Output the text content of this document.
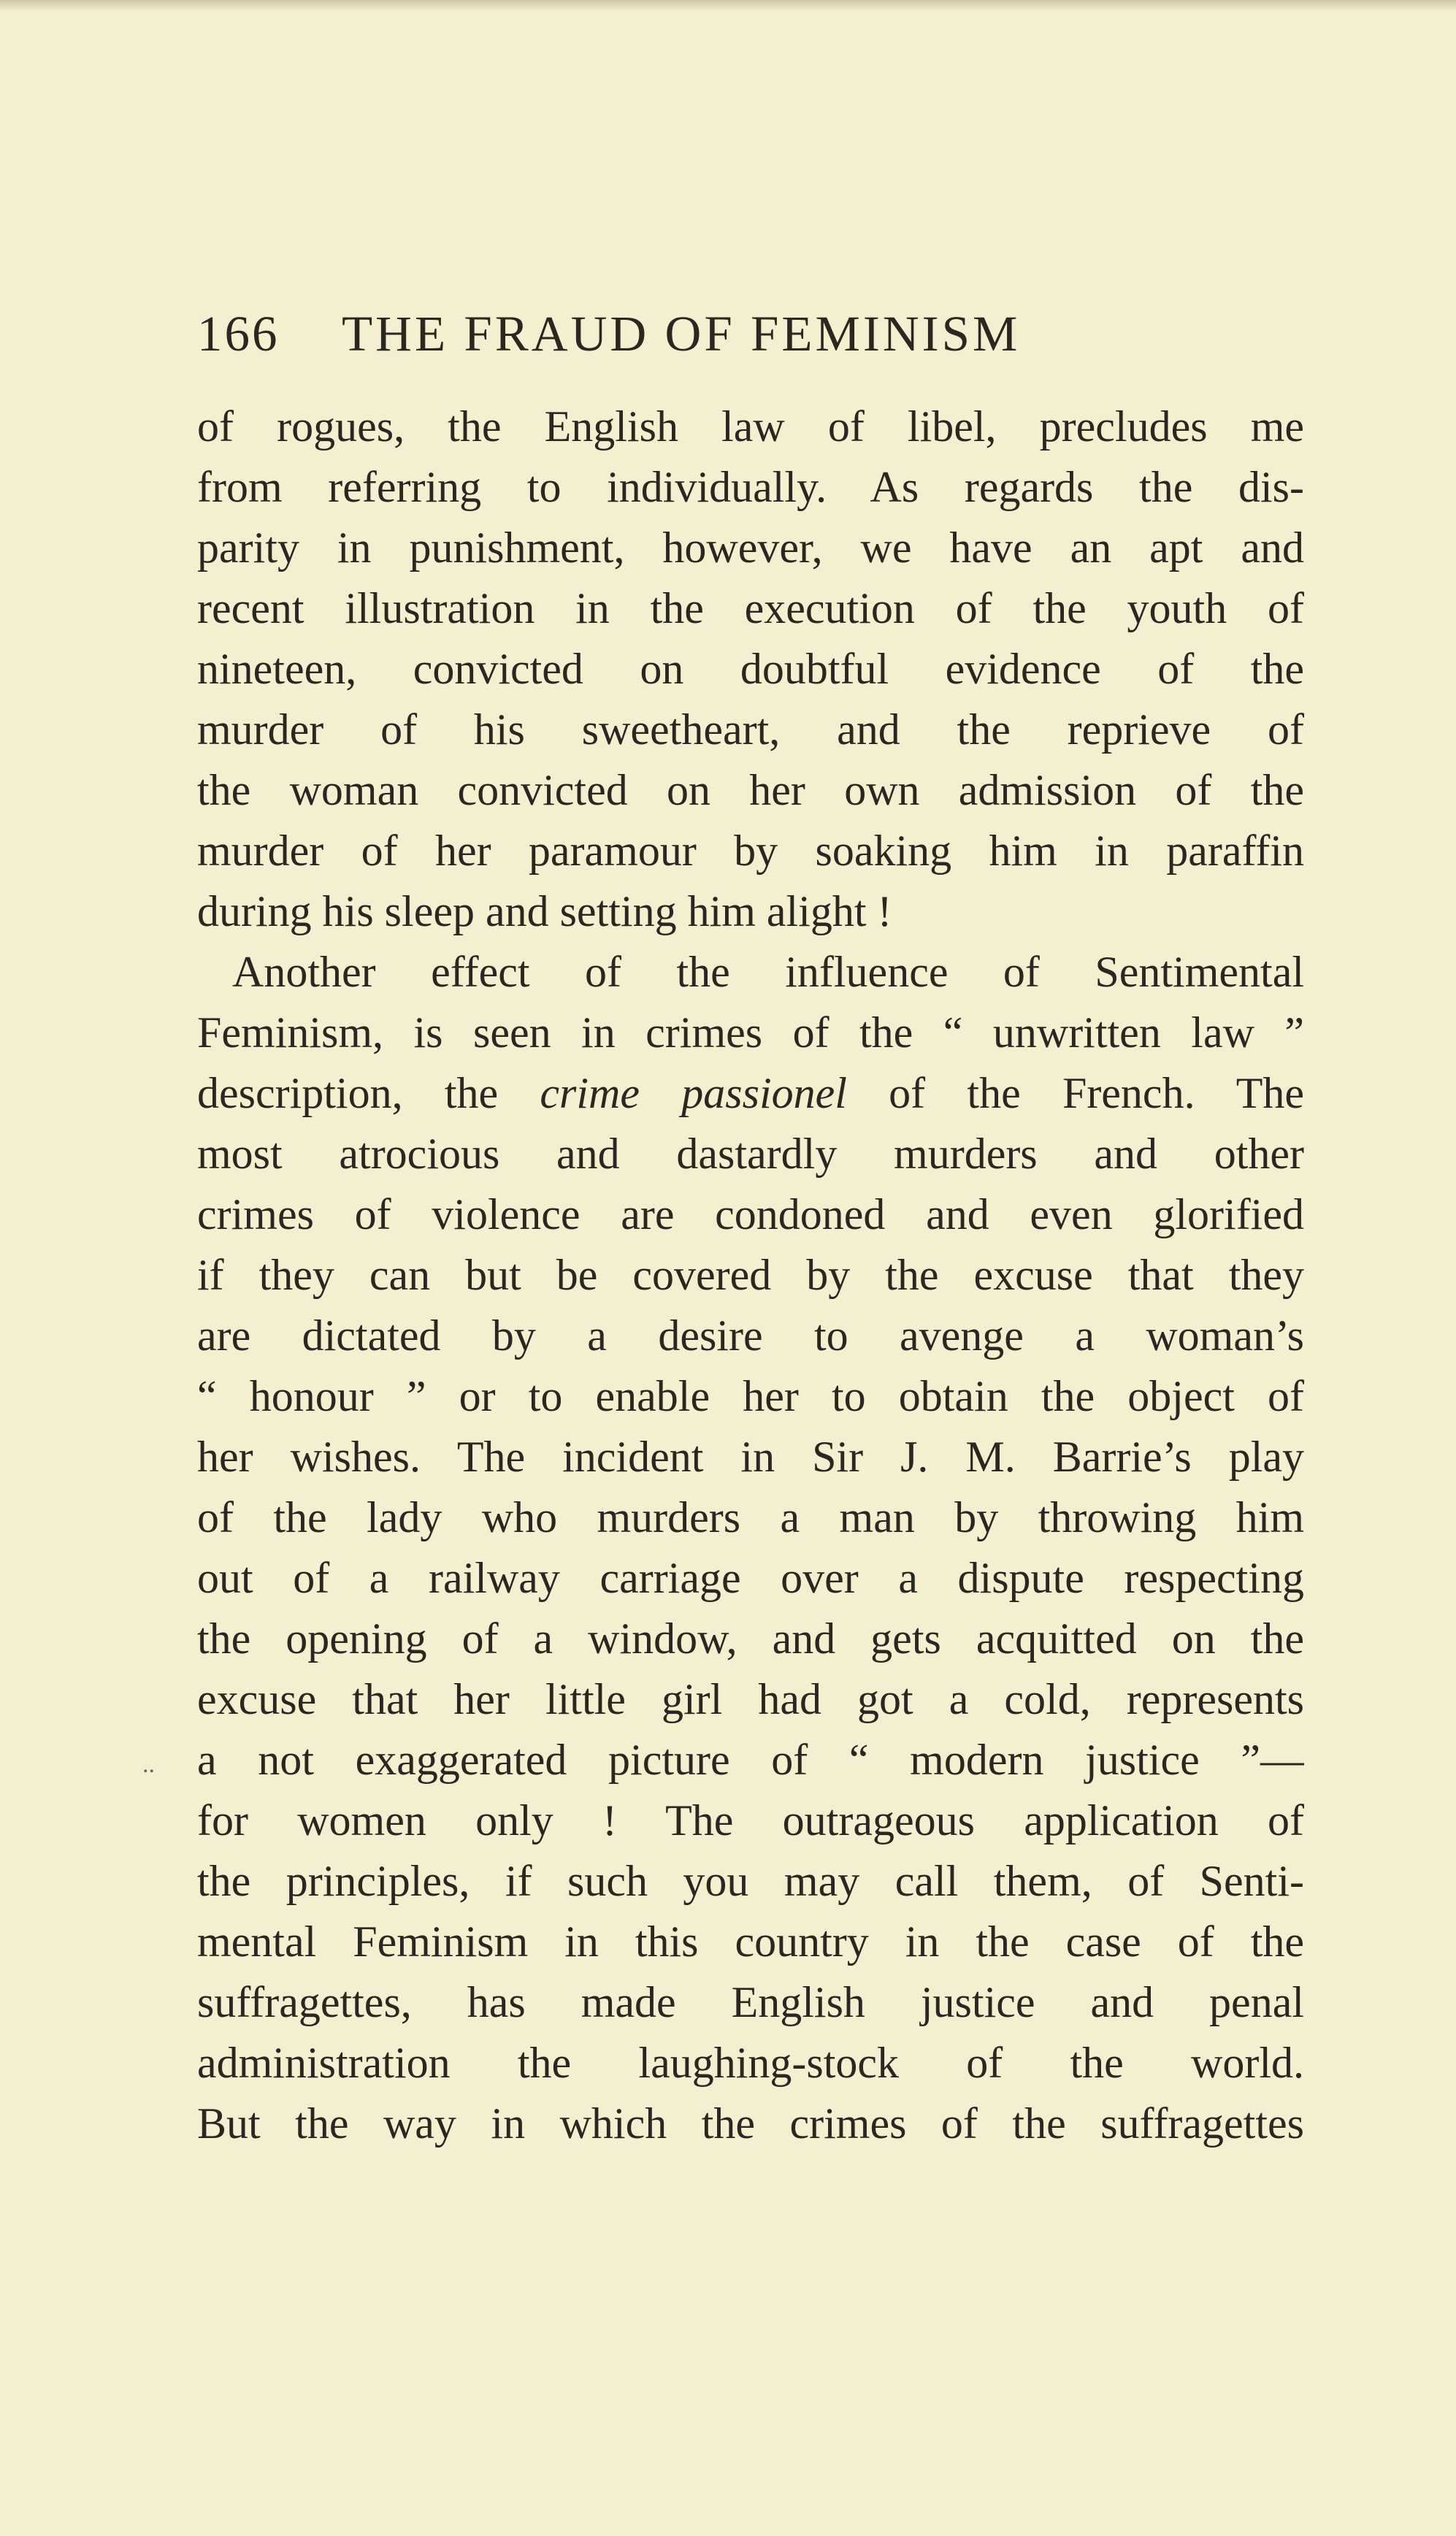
166 THE FRAUD OF FEMINISM
..
of rogues, the English law of libel, precludes me
from referring to individually. As regards the dis-
parity in punishment, however, we have an apt and
recent illustration in the execution of the youth of
nineteen, convicted on doubtful evidence of the
murder of his sweetheart, and the reprieve of
the woman convicted on her own admission of the
murder of her paramour by soaking him in paraffin
during his sleep and setting him alight !
Another effect of the influence of Sentimental
Feminism, is seen in crimes of the “ unwritten law ”
description, the crime passionel of the French. The
most atrocious and dastardly murders and other
crimes of violence are condoned and even glorified
if they can but be covered by the excuse that they
are dictated by a desire to avenge a woman’s
“ honour ” or to enable her to obtain the object of
her wishes. The incident in Sir J. M. Barrie’s play
of the lady who murders a man by throwing him
out of a railway carriage over a dispute respecting
the opening of a window, and gets acquitted on the
excuse that her little girl had got a cold, represents
a not exaggerated picture of “ modern justice ”—
for women only ! The outrageous application of
the principles, if such you may call them, of Senti-
mental Feminism in this country in the case of the
suffragettes, has made English justice and penal
administration the laughing-stock of the world.
But the way in which the crimes of the suffragettes
